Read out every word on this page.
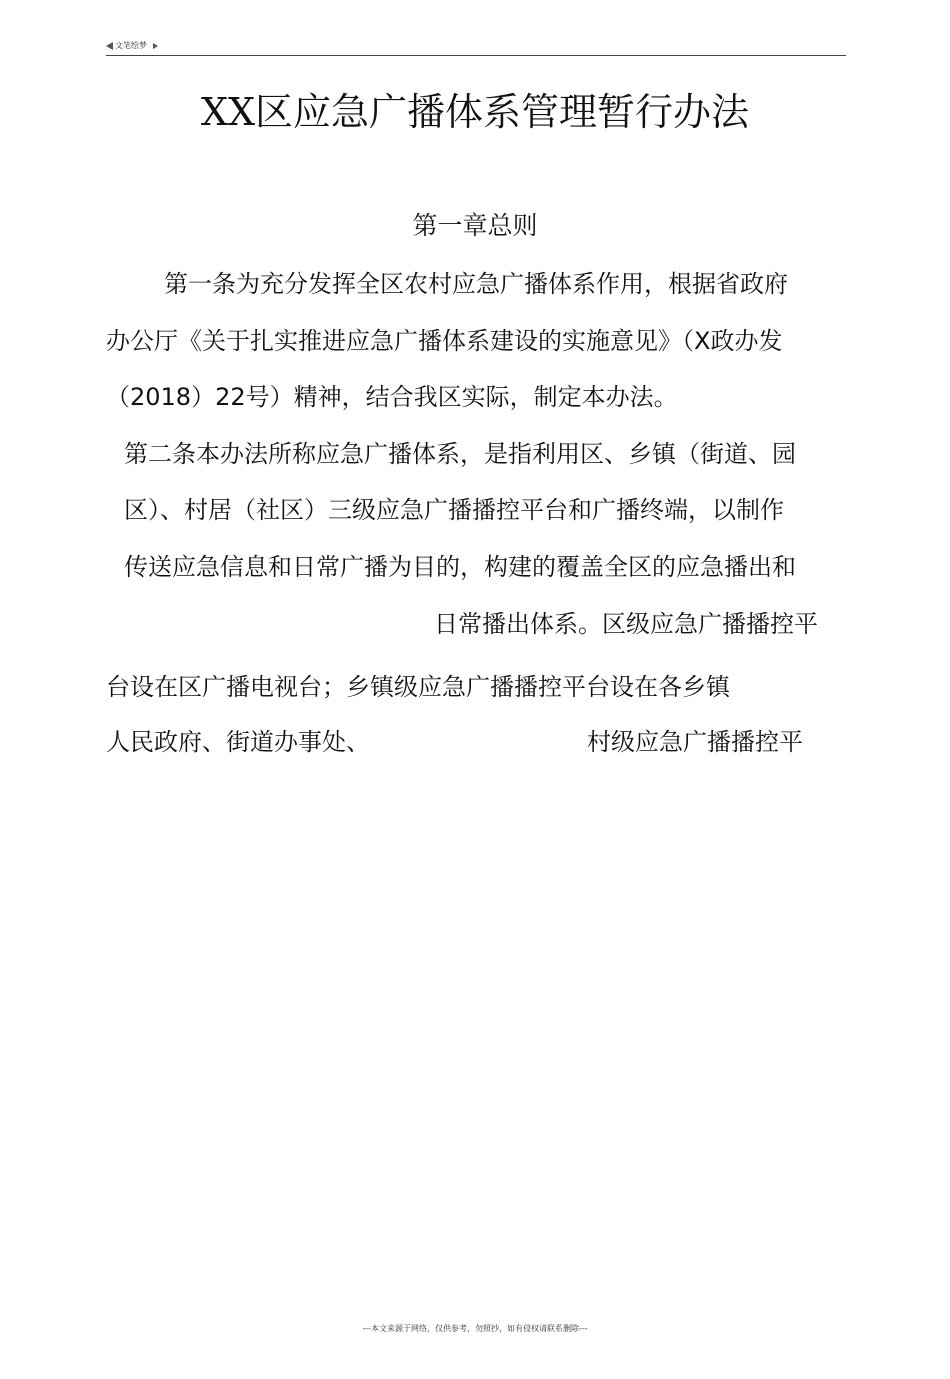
文笔绘梦
XX区应急广播体系管理暂行办法
第一章总则
第一条为充分发挥全区农村应急广播体系作用，根据省政府
办公厅《关于扎实推进应急广播体系建设的实施意见》（X政办发
（2018）22号）精神，结合我区实际，制定本办法。
第二条本办法所称应急广播体系，是指利用区、乡镇（街道、园
区）、村居（社区）三级应急广播播控平台和广播终端，以制作
传送应急信息和日常广播为目的，构建的覆盖全区的应急播出和
日常播出体系。区级应急广播播控平
台设在区广播电视台；乡镇级应急广播播控平台设在各乡镇
人民政府、街道办事处、	村级应急广播播控平
---本文来源于网络，仅供参考，勿照抄，如有侵权请联系删除---
